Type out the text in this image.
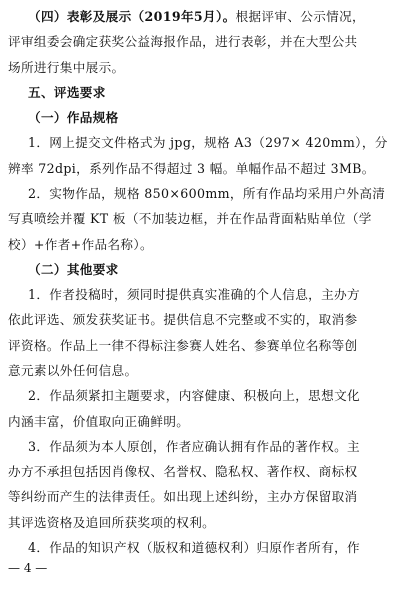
（四）表彰及展示（2019年5月）。根据评审、公示情况，
评审组委会确定获奖公益海报作品，进行表彰，并在大型公共
场所进行集中展示。
五、评选要求
（一）作品规格
1．网上提交文件格式为 jpg，规格 A3（297× 420mm），分
辨率 72dpi，系列作品不得超过 3 幅。单幅作品不超过 3MB。
2．实物作品，规格 850×600mm，所有作品均采用户外高清
写真喷绘并覆 KT 板（不加装边框，并在作品背面粘贴单位（学
校）+作者+作品名称）。
（二）其他要求
1．作者投稿时，须同时提供真实准确的个人信息，主办方
依此评选、颁发获奖证书。提供信息不完整或不实的，取消参
评资格。作品上一律不得标注参赛人姓名、参赛单位名称等创
意元素以外任何信息。
2．作品须紧扣主题要求，内容健康、积极向上，思想文化
内涵丰富，价值取向正确鲜明。
3．作品须为本人原创，作者应确认拥有作品的著作权。主
办方不承担包括因肖像权、名誉权、隐私权、著作权、商标权
等纠纷而产生的法律责任。如出现上述纠纷，主办方保留取消
其评选资格及追回所获奖项的权利。
4．作品的知识产权（版权和道德权利）归原作者所有，作
— 4 —
